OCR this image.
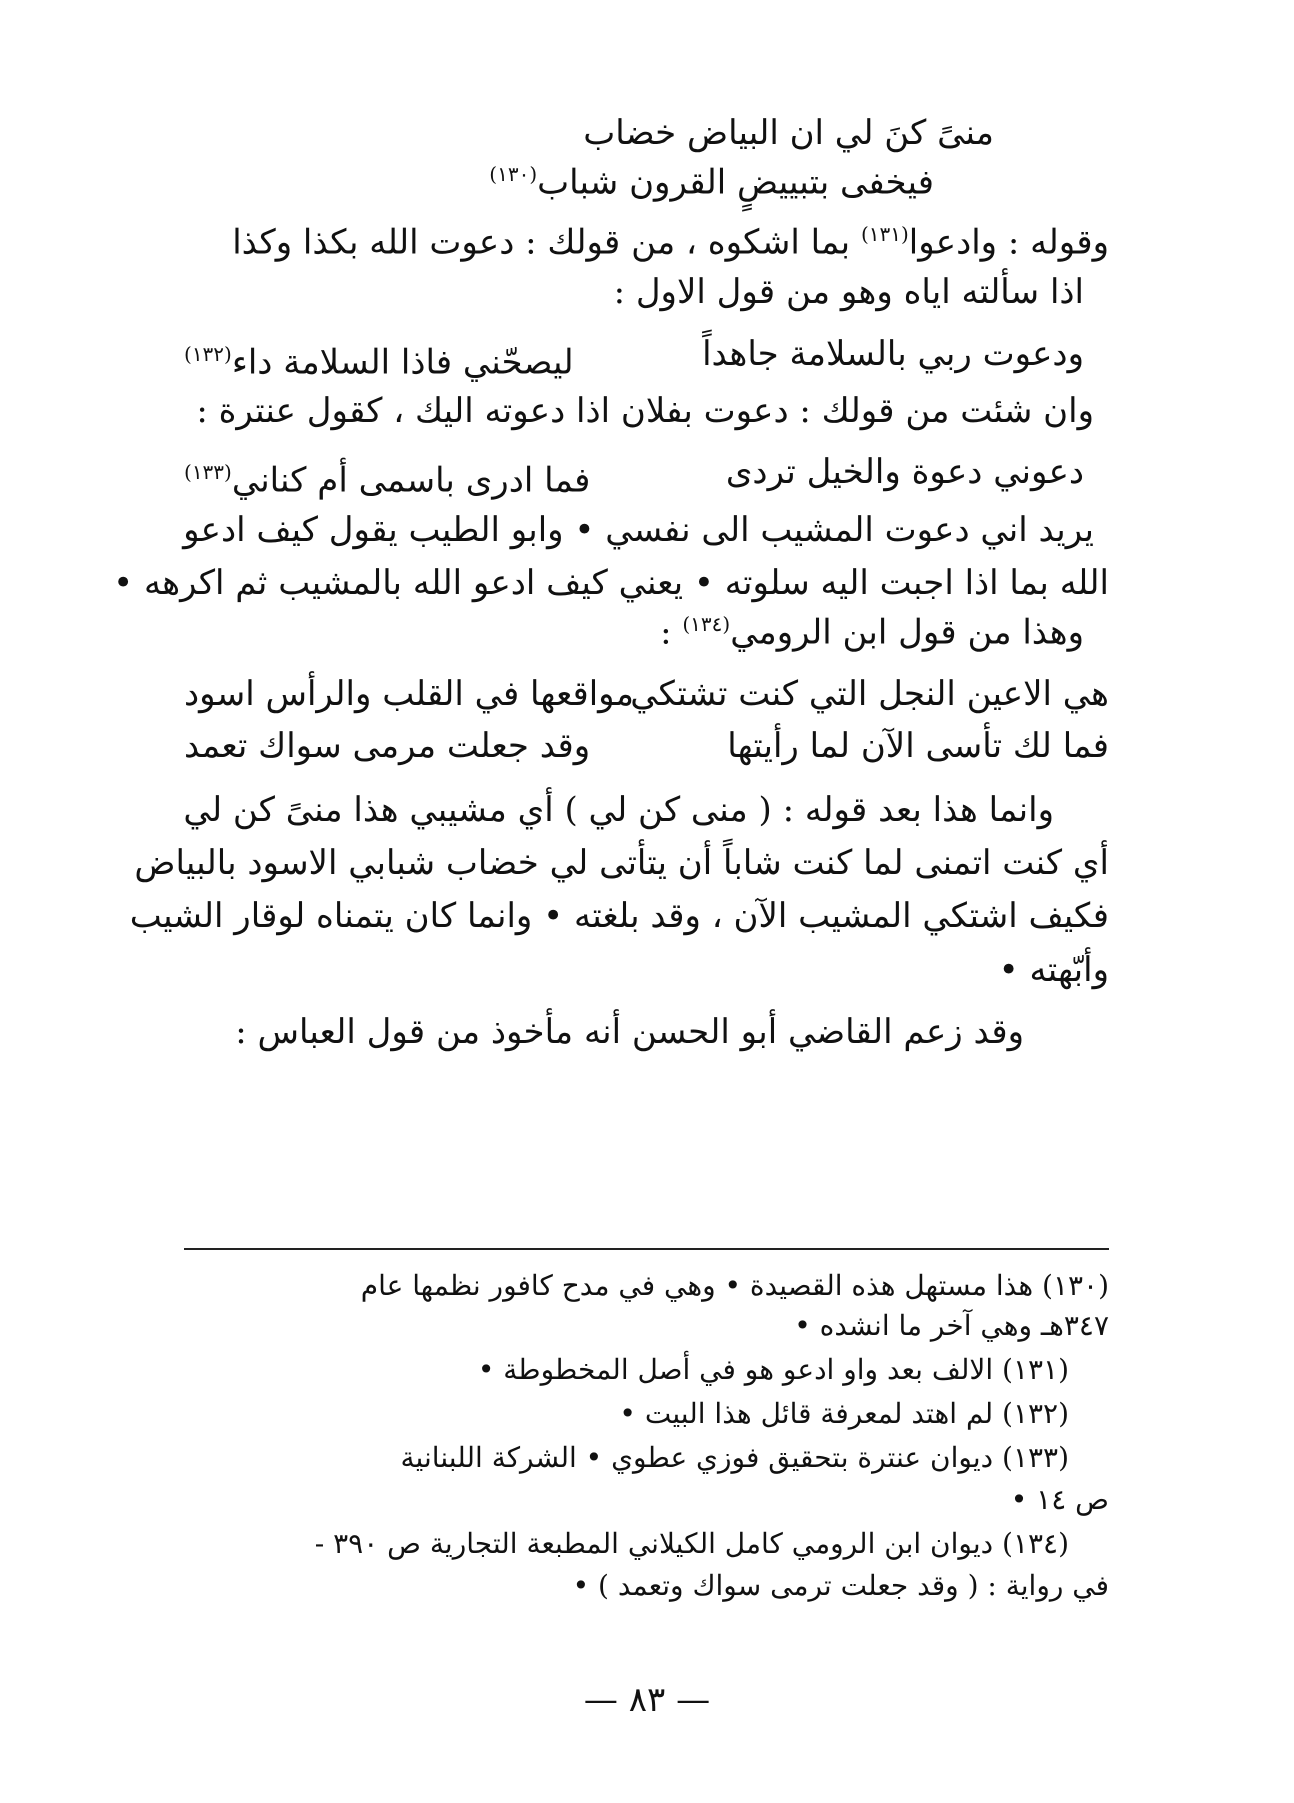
منىً كنَ لي ان البياض خضاب
فيخفى بتبييضٍ القرون شباب$^{(١٣٠)}$
وقوله : وادعوا$^{(١٣١)}$ بما اشكوه ، من قولك : دعوت الله بكذا وكذا
اذا سألته اياه وهو من قول الاول :
ودعوت ربي بالسلامة جاهداً
ليصحّني فاذا السلامة داء$^{(١٣٢)}$
وان شئت من قولك : دعوت بفلان اذا دعوته اليك ، كقول عنترة :
دعوني دعوة والخيل تردى
فما ادرى باسمى أم كناني$^{(١٣٣)}$
يريد اني دعوت المشيب الى نفسي • وابو الطيب يقول كيف ادعو
الله بما اذا اجبت اليه سلوته • يعني كيف ادعو الله بالمشيب ثم اكرهه •
وهذا من قول ابن الرومي$^{(١٣٤)}$ :
هي الاعين النجل التي كنت تشتكي
مواقعها في القلب والرأس اسود
فما لك تأسى الآن لما رأيتها
وقد جعلت مرمى سواك تعمد
وانما هذا بعد قوله : ( منى كن لي ) أي مشيبي هذا منىً كن لي
أي كنت اتمنى لما كنت شاباً أن يتأتى لي خضاب شبابي الاسود بالبياض
فكيف اشتكي المشيب الآن ، وقد بلغته • وانما كان يتمناه لوقار الشيب
وأبّهته •
وقد زعم القاضي أبو الحسن أنه مأخوذ من قول العباس :
(١٣٠) هذا مستهل هذه القصيدة • وهي في مدح كافور نظمها عام
٣٤٧هـ وهي آخر ما انشده •
(١٣١) الالف بعد واو ادعو هو في أصل المخطوطة •
(١٣٢) لم اهتد لمعرفة قائل هذا البيت •
(١٣٣) ديوان عنترة بتحقيق فوزي عطوي • الشركة اللبنانية
ص ١٤ •
(١٣٤) ديوان ابن الرومي كامل الكيلاني المطبعة التجارية ص ٣٩٠ -
في رواية : ( وقد جعلت ترمى سواك وتعمد ) •
— ٨٣ —
